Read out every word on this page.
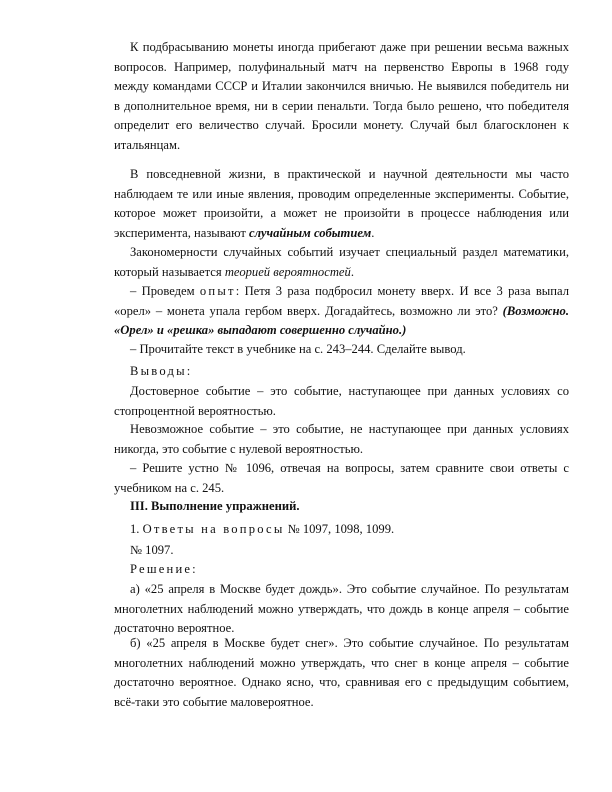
К подбрасыванию монеты иногда прибегают даже при решении весьма важных вопросов. Например, полуфинальный матч на первенство Европы в 1968 году между командами СССР и Италии закончился вничью. Не выявился победитель ни в дополнительное время, ни в серии пенальти. Тогда было решено, что победителя определит его величество случай. Бросили монету. Случай был благосклонен к итальянцам.

В повседневной жизни, в практической и научной деятельности мы часто наблюдаем те или иные явления, проводим определенные эксперименты. Событие, которое может произойти, а может не произойти в процессе наблюдения или эксперимента, называют случайным событием.

Закономерности случайных событий изучает специальный раздел математики, который называется теорией вероятностей.

– Проведем опыт: Петя 3 раза подбросил монету вверх. И все 3 раза выпал «орел» – монета упала гербом вверх. Догадайтесь, возможно ли это? (Возможно. «Орел» и «решка» выпадают совершенно случайно.)

– Прочитайте текст в учебнике на с. 243–244. Сделайте вывод.

Выводы:

Достоверное событие – это событие, наступающее при данных условиях со стопроцентной вероятностью.

Невозможное событие – это событие, не наступающее при данных условиях никогда, это событие с нулевой вероятностью.

– Решите устно № 1096, отвечая на вопросы, затем сравните свои ответы с учебником на с. 245.

III. Выполнение упражнений.

1. Ответы на вопросы № 1097, 1098, 1099.

№ 1097.

Решение:

а) «25 апреля в Москве будет дождь». Это событие случайное. По результатам многолетних наблюдений можно утверждать, что дождь в конце апреля – событие достаточно вероятное.

б) «25 апреля в Москве будет снег». Это событие случайное. По результатам многолетних наблюдений можно утверждать, что снег в конце апреля – событие достаточно вероятное. Однако ясно, что, сравнивая его с предыдущим событием, всё-таки это событие маловероятное.
